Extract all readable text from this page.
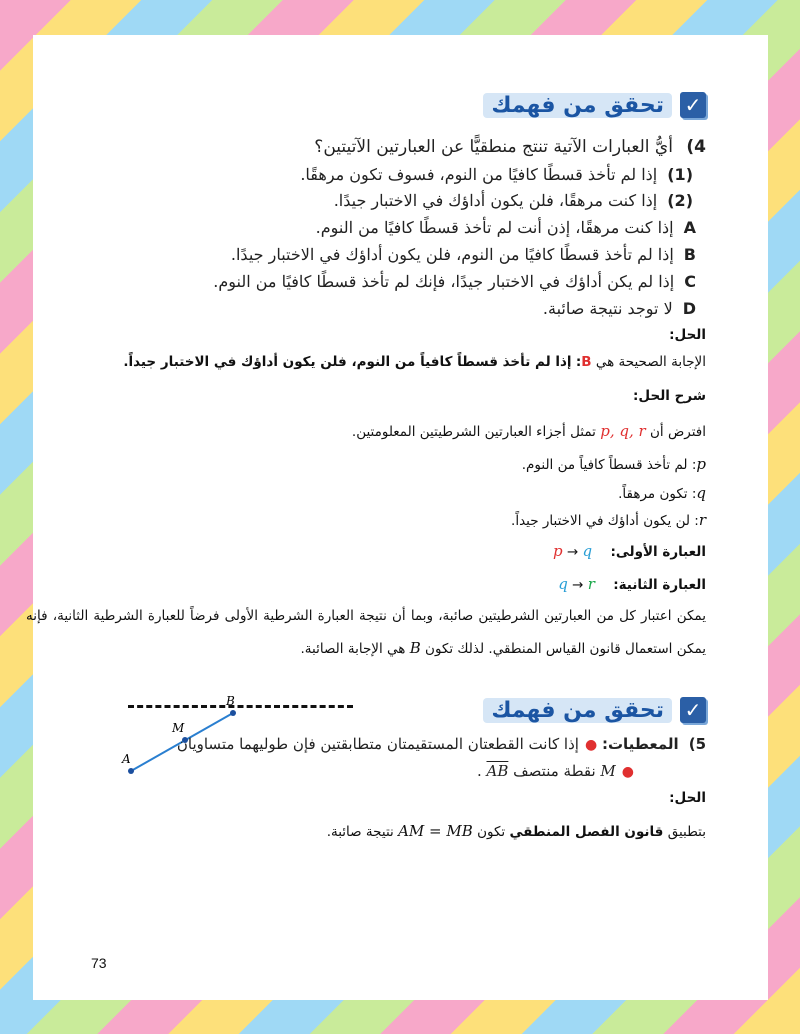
✓
تحقق من فهمك
4) أيُّ العبارات الآتية تنتج منطقيًّا عن العبارتين الآتيتين؟
(1)إذا لم تأخذ قسطًا كافيًا من النوم، فسوف تكون مرهقًا.
(2)إذا كنت مرهقًا، فلن يكون أداؤك في الاختبار جيدًا.
Aإذا كنت مرهقًا، إذن أنت لم تأخذ قسطًا كافيًا من النوم.
Bإذا لم تأخذ قسطًا كافيًا من النوم، فلن يكون أداؤك في الاختبار جيدًا.
Cإذا لم يكن أداؤك في الاختبار جيدًا، فإنك لم تأخذ قسطًا كافيًا من النوم.
Dلا توجد نتيجة صائبة.
الحل:
الإجابة الصحيحة هي B: إذا لم تأخذ قسطاً كافياً من النوم، فلن يكون أداؤك في الاختبار جيداً.
شرح الحل:
افترض أن p, q, r تمثل أجزاء العبارتين الشرطيتين المعلومتين.
p: لم تأخذ قسطاً كافياً من النوم.
q: تكون مرهقاً.
r: لن يكون أداؤك في الاختبار جيداً.
العبارة الأولى: p → q
العبارة الثانية: q → r
يمكن اعتبار كل من العبارتين الشرطيتين صائبة، وبما أن نتيجة العبارة الشرطية الأولى فرضاً للعبارة الشرطية الثانية، فإنه يمكن استعمال قانون القياس المنطقي. لذلك تكون B هي الإجابة الصائبة.
✓
تحقق من فهمك
A
M
B
5)المعطيات: ●إذا كانت القطعتان المستقيمتان متطابقتين فإن طوليهما متساويان
●M نقطة منتصف AB .
الحل:
بتطبيق قانون الفصل المنطقي تكون AM = MB نتيجة صائبة.
73
